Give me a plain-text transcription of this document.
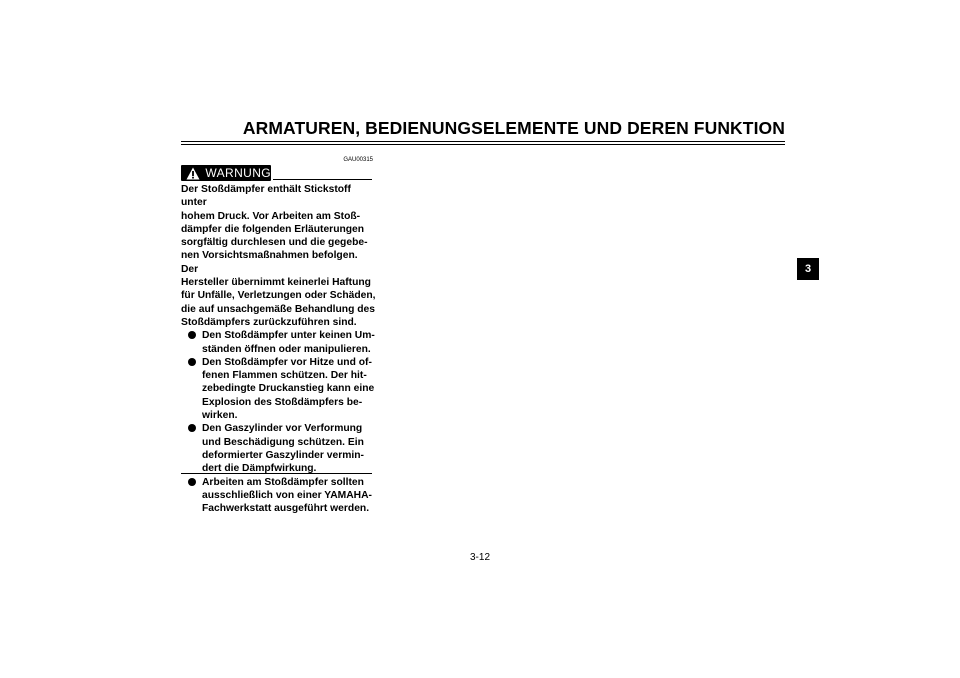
ARMATUREN, BEDIENUNGSELEMENTE UND DEREN FUNKTION
GAU00315
WARNUNG

Der Stoßdämpfer enthält Stickstoff unter
hohem Druck. Vor Arbeiten am Stoß-
dämpfer die folgenden Erläuterungen
sorgfältig durchlesen und die gegebe-
nen Vorsichtsmaßnahmen befolgen. Der
Hersteller übernimmt keinerlei Haftung
für Unfälle, Verletzungen oder Schäden,
die auf unsachgemäße Behandlung des
Stoßdämpfers zurückzuführen sind.

Den Stoßdämpfer unter keinen Um-
ständen öffnen oder manipulieren.
Den Stoßdämpfer vor Hitze und of-
fenen Flammen schützen. Der hit-
zebedingte Druckanstieg kann eine
Explosion des Stoßdämpfers be-
wirken.
Den Gaszylinder vor Verformung
und Beschädigung schützen. Ein
deformierter Gaszylinder vermin-
dert die Dämpfwirkung.
Arbeiten am Stoßdämpfer sollten
ausschließlich von einer YAMAHA-
Fachwerkstatt ausgeführt werden.
3
3-12
